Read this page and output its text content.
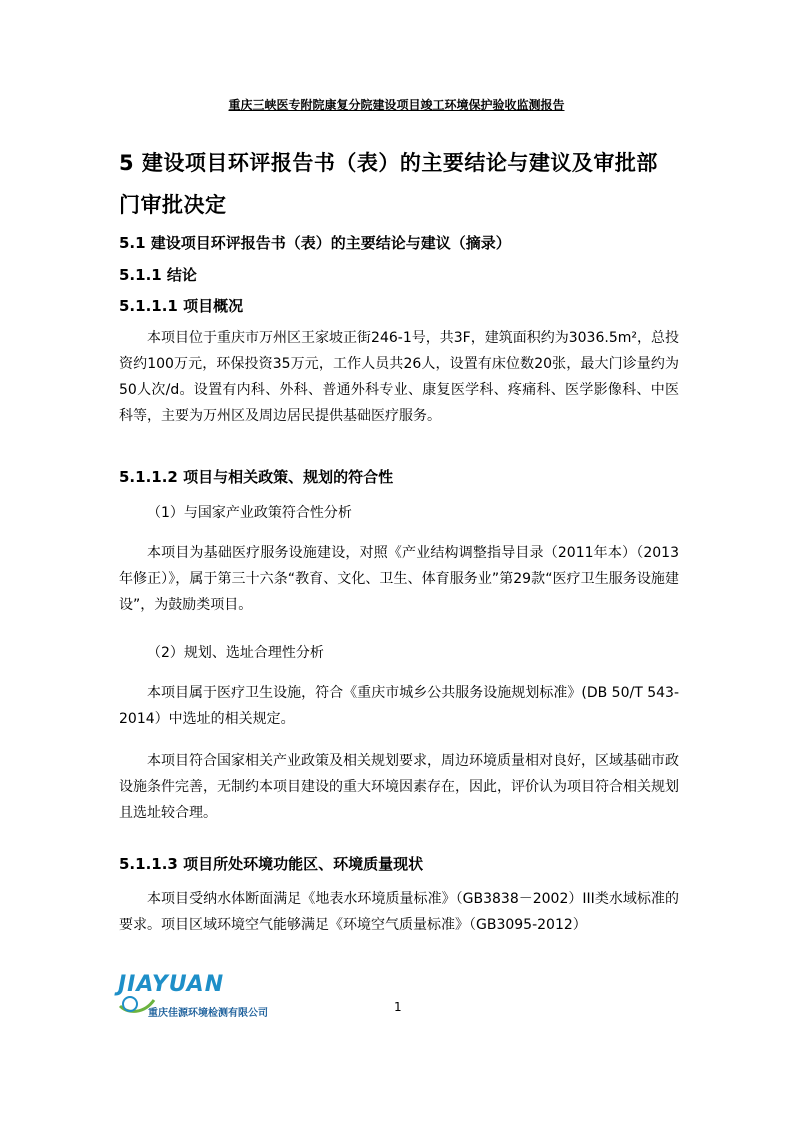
重庆三峡医专附院康复分院建设项目竣工环境保护验收监测报告
5 建设项目环评报告书（表）的主要结论与建议及审批部门审批决定
5.1 建设项目环评报告书（表）的主要结论与建议（摘录）
5.1.1 结论
5.1.1.1 项目概况
本项目位于重庆市万州区王家坡正街246-1号，共3F，建筑面积约为3036.5m²，总投资约100万元，环保投资35万元，工作人员共26人，设置有床位数20张，最大门诊量约为50人次/d。设置有内科、外科、普通外科专业、康复医学科、疼痛科、医学影像科、中医科等，主要为万州区及周边居民提供基础医疗服务。
5.1.1.2 项目与相关政策、规划的符合性
（1）与国家产业政策符合性分析
本项目为基础医疗服务设施建设，对照《产业结构调整指导目录（2011年本）（2013年修正）》，属于第三十六条“教育、文化、卫生、体育服务业”第29款“医疗卫生服务设施建设”，为鼓励类项目。
（2）规划、选址合理性分析
本项目属于医疗卫生设施，符合《重庆市城乡公共服务设施规划标准》(DB 50/T 543-2014）中选址的相关规定。
本项目符合国家相关产业政策及相关规划要求，周边环境质量相对良好，区域基础市政设施条件完善，无制约本项目建设的重大环境因素存在，因此，评价认为项目符合相关规划且选址较合理。
5.1.1.3 项目所处环境功能区、环境质量现状
本项目受纳水体断面满足《地表水环境质量标准》（GB3838－2002）III类水域标准的要求。项目区域环境空气能够满足《环境空气质量标准》（GB3095-2012）
JIAYUAN
重庆佳源环境检测有限公司	1
